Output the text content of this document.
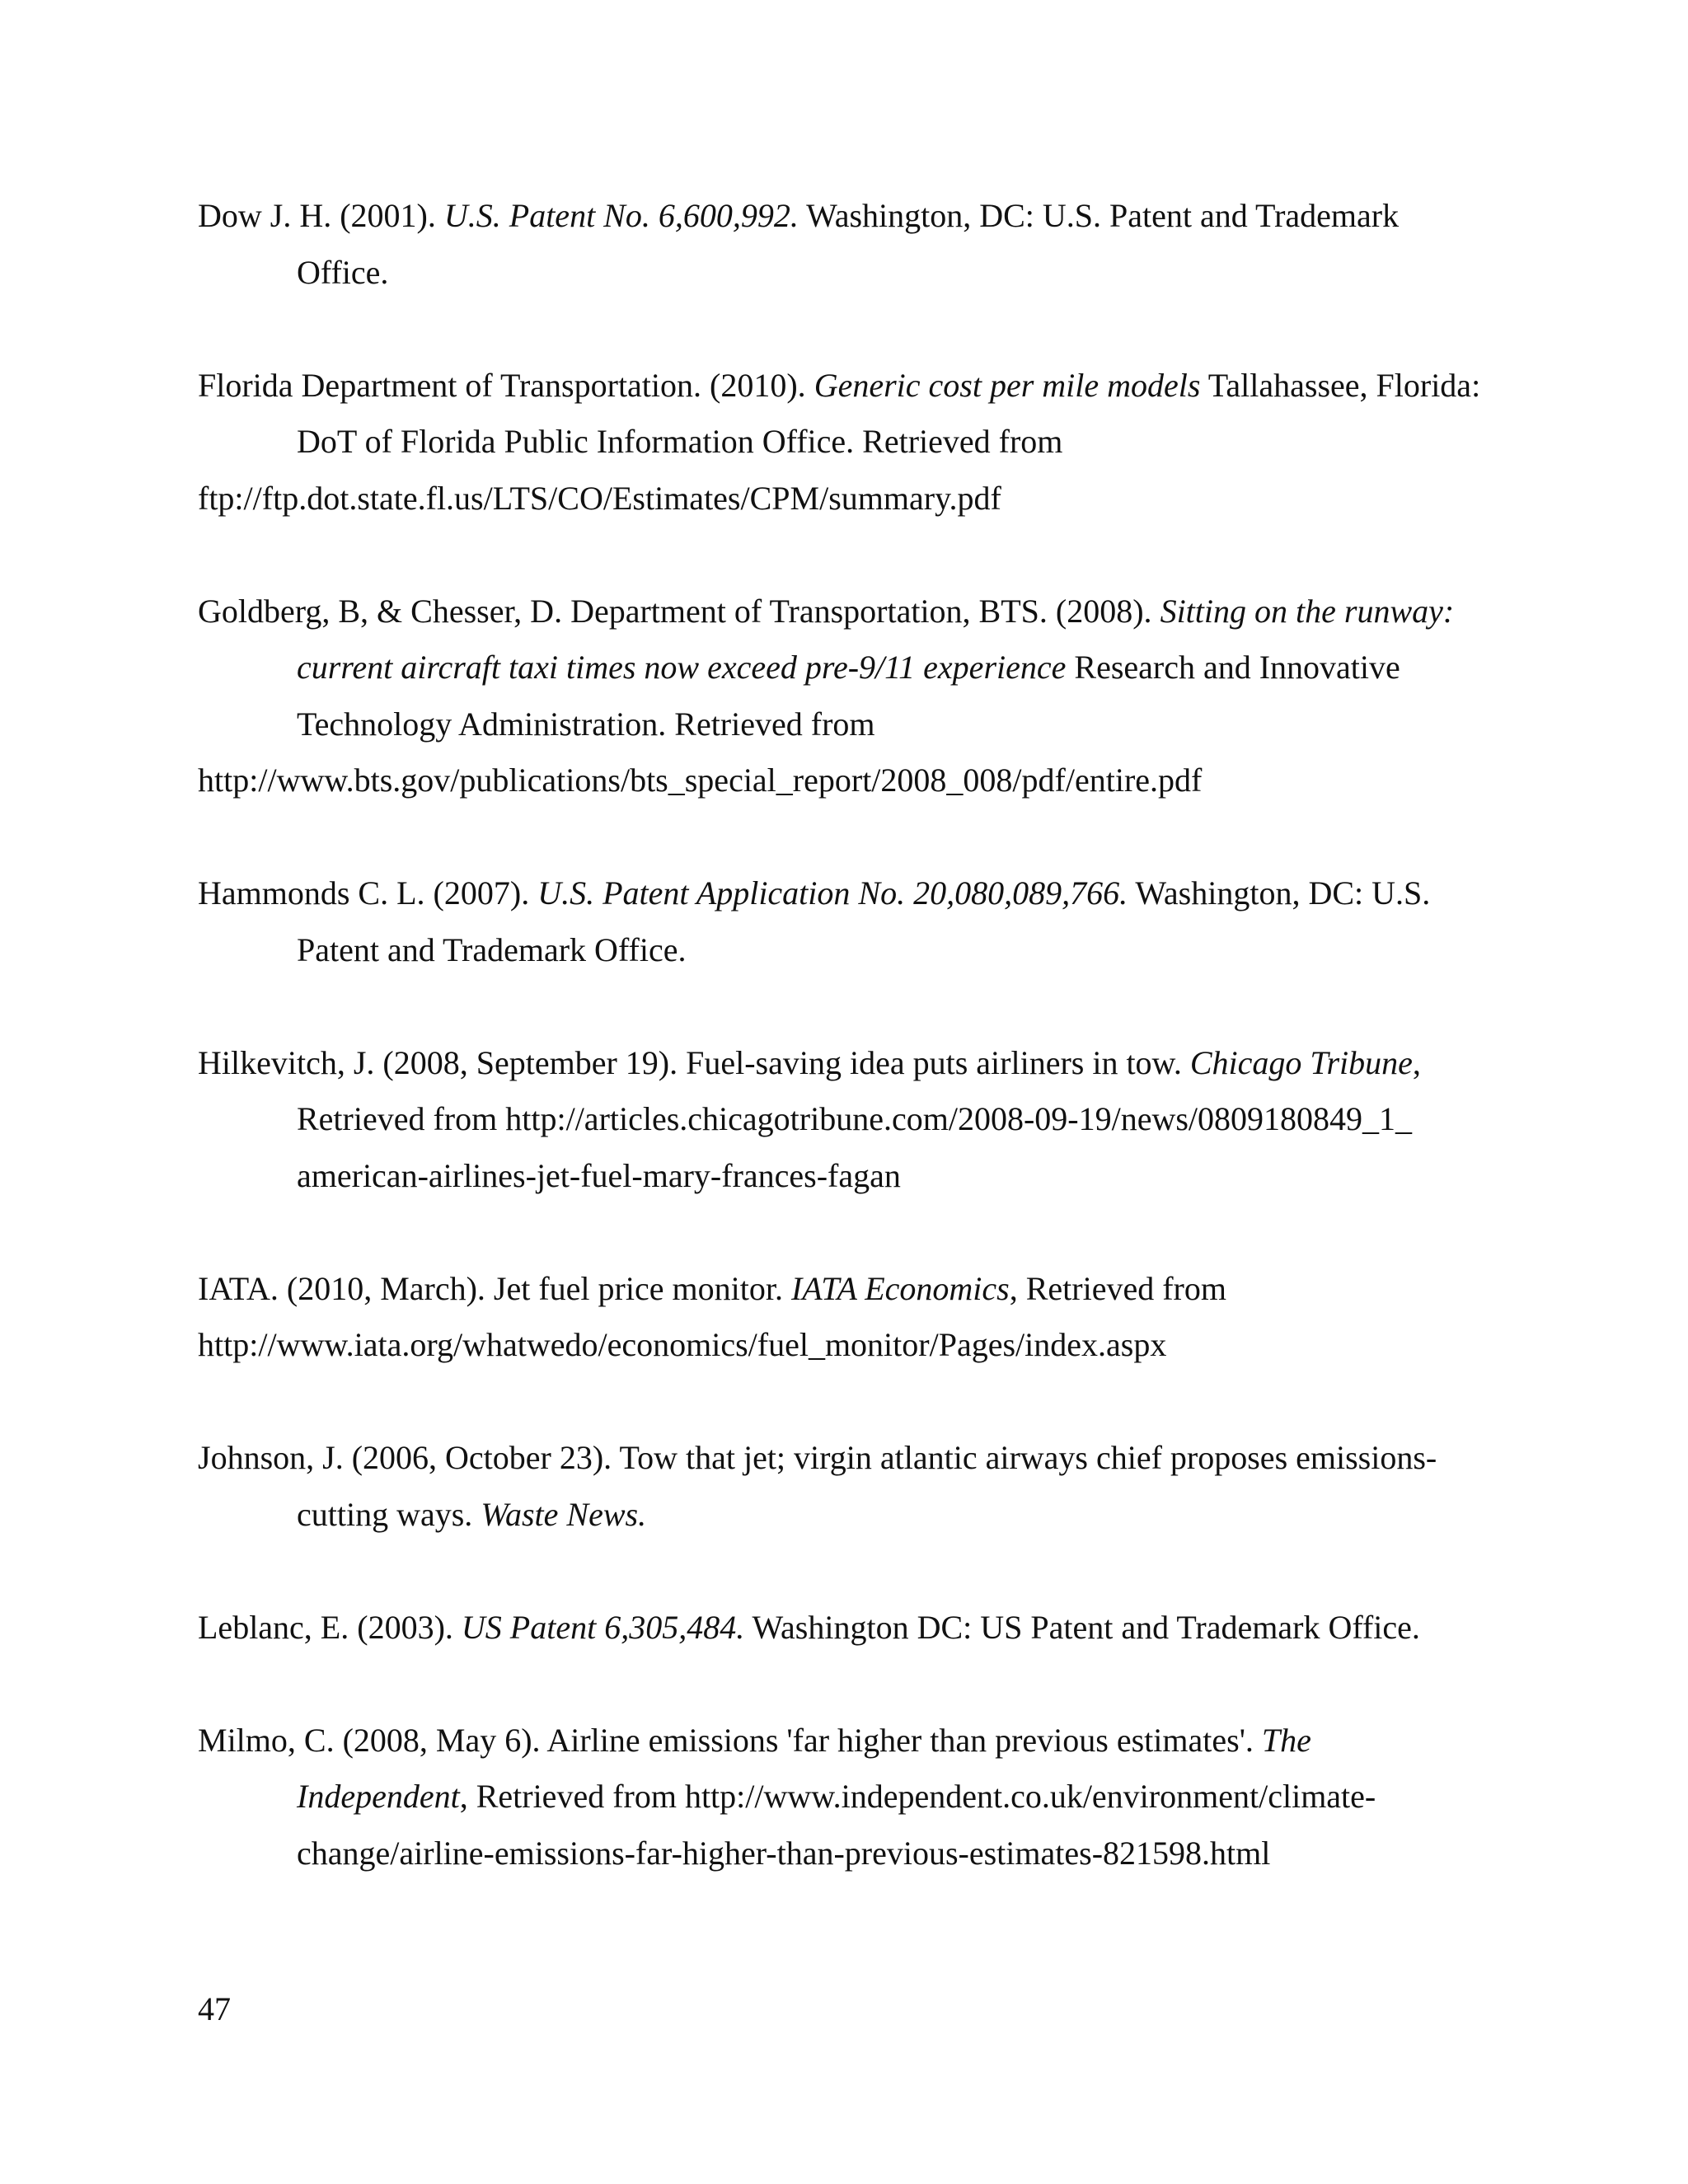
Dow J. H. (2001). U.S. Patent No. 6,600,992. Washington, DC: U.S. Patent and Trademark Office.
Florida Department of Transportation. (2010). Generic cost per mile models Tallahassee, Florida: DoT of Florida Public Information Office. Retrieved from
ftp://ftp.dot.state.fl.us/LTS/CO/Estimates/CPM/summary.pdf
Goldberg, B, & Chesser, D. Department of Transportation, BTS. (2008). Sitting on the runway: current aircraft taxi times now exceed pre-9/11 experience Research and Innovative Technology Administration. Retrieved from
http://www.bts.gov/publications/bts_special_report/2008_008/pdf/entire.pdf
Hammonds C. L. (2007). U.S. Patent Application No. 20,080,089,766. Washington, DC: U.S. Patent and Trademark Office.
Hilkevitch, J. (2008, September 19). Fuel-saving idea puts airliners in tow. Chicago Tribune, Retrieved from http://articles.chicagotribune.com/2008-09-19/news/0809180849_1_ american-airlines-jet-fuel-mary-frances-fagan
IATA. (2010, March). Jet fuel price monitor. IATA Economics, Retrieved from
http://www.iata.org/whatwedo/economics/fuel_monitor/Pages/index.aspx
Johnson, J. (2006, October 23). Tow that jet; virgin atlantic airways chief proposes emissions-cutting ways. Waste News.
Leblanc, E. (2003). US Patent 6,305,484. Washington DC: US Patent and Trademark Office.
Milmo, C. (2008, May 6). Airline emissions 'far higher than previous estimates'. The Independent, Retrieved from http://www.independent.co.uk/environment/climate-change/airline-emissions-far-higher-than-previous-estimates-821598.html
47
